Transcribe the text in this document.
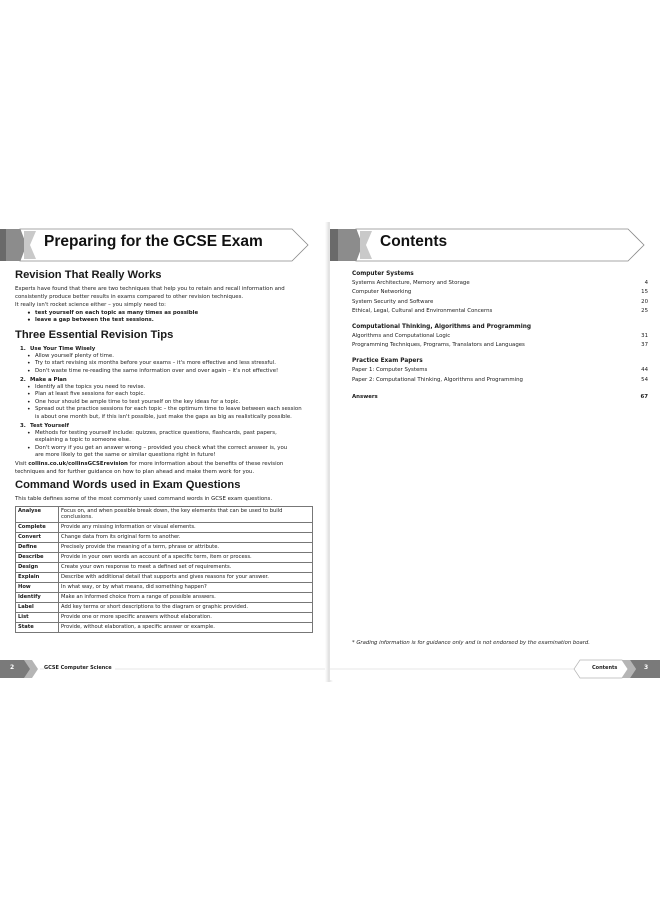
Preparing for the GCSE Exam
Revision That Really Works

Experts have found that there are two techniques that help you to retain and recall information and

consistently produce better results in exams compared to other revision techniques.

It really isn't rocket science either – you simply need to:

• test yourself on each topic as many times as possible
• leave a gap between the test sessions.
Three Essential Revision Tips
1. Use Your Time Wisely
• Allow yourself plenty of time.
• Try to start revising six months before your exams – it's more effective and less stressful.
• Don't waste time re-reading the same information over and over again – it's not effective!
2. Make a Plan
• Identify all the topics you need to revise.
• Plan at least five sessions for each topic.
• One hour should be ample time to test yourself on the key ideas for a topic.
• Spread out the practice sessions for each topic – the optimum time to leave between each session
is about one month but, if this isn't possible, just make the gaps as big as realistically possible.
3. Test Yourself
• Methods for testing yourself include: quizzes, practice questions, flashcards, past papers,
explaining a topic to someone else.
• Don't worry if you get an answer wrong – provided you check what the correct answer is, you
are more likely to get the same or similar questions right in future!

Visit collins.co.uk/collinsGCSErevision for more information about the benefits of these revision

techniques and for further guidance on how to plan ahead and make them work for you.

Command Words used in Exam Questions

This table defines some of the most commonly used command words in GCSE exam questions.

Analyse	Focus on, and when possible break down, the key elements that can be used to build
conclusions.

Complete	Provide any missing information or visual elements.
Convert	Change data from its original form to another.
Define	Precisely provide the meaning of a term, phrase or attribute.
Describe	Provide in your own words an account of a specific term, item or process.
Design	Create your own response to meet a defined set of requirements.
Explain	Describe with additional detail that supports and gives reasons for your answer.
How	In what way, or by what means, did something happen?
Identify	Make an informed choice from a range of possible answers.
Label	Add key terms or short descriptions to the diagram or graphic provided.
List	Provide one or more specific answers without elaboration.
State	Provide, without elaboration, a specific answer or example.
2	GCSE Computer Science
Contents
Computer Systems
Systems Architecture, Memory and Storage	4
Computer Networking	15
System Security and Software	20
Ethical, Legal, Cultural and Environmental Concerns	25
Computational Thinking, Algorithms and Programming
Algorithms and Computational Logic	31
Programming Techniques, Programs, Translators and Languages	37
Practice Exam Papers
Paper 1: Computer Systems	44
Paper 2: Computational Thinking, Algorithms and Programming	54
Answers	67
* Grading information is for guidance only and is not endorsed by the examination board.
Contents	3
